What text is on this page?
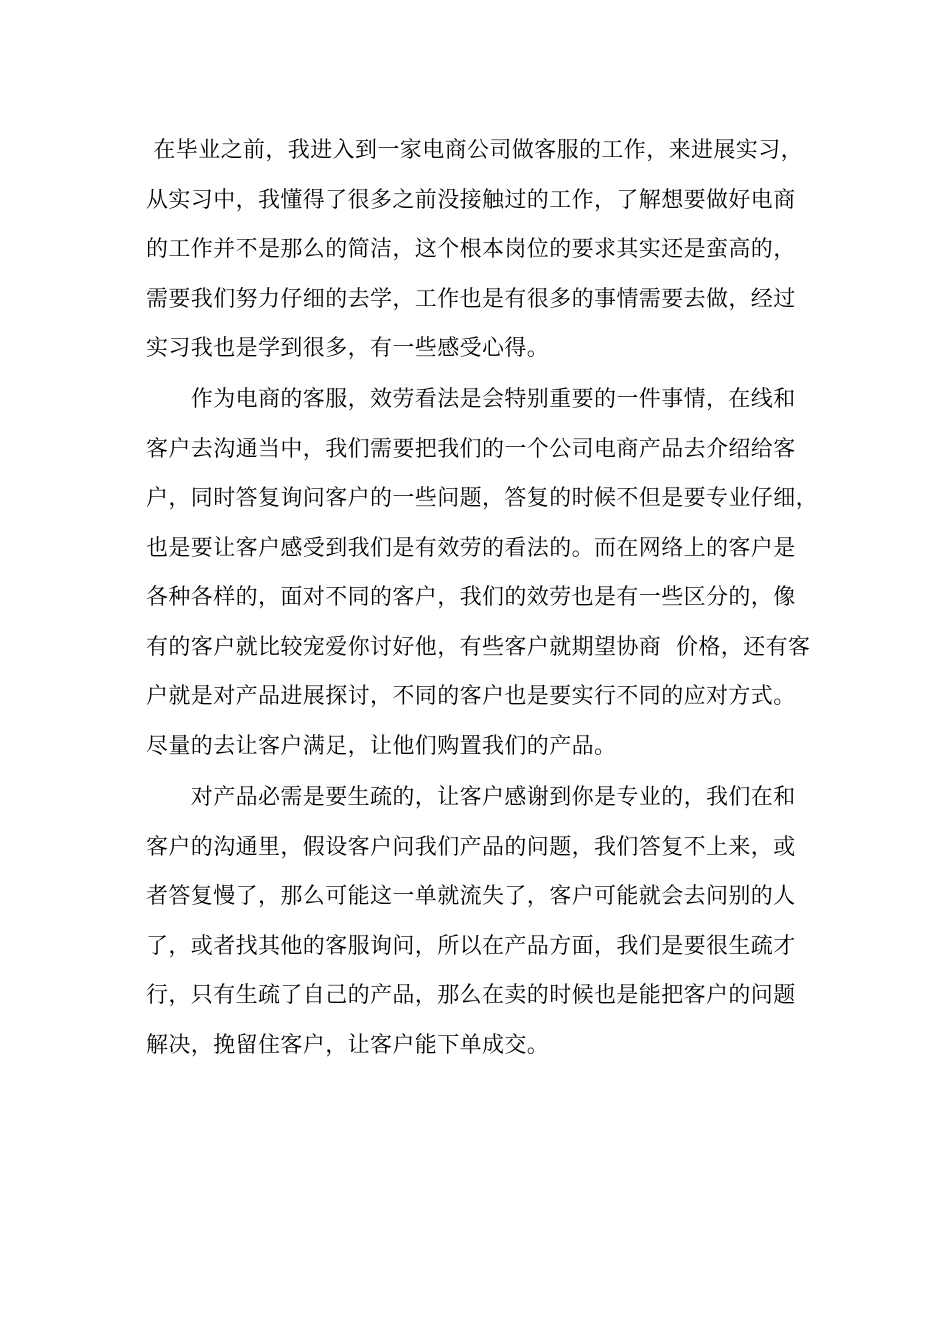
在毕业之前，我进入到一家电商公司做客服的工作，来进展实习，
从实习中，我懂得了很多之前没接触过的工作，了解想要做好电商
的工作并不是那么的简洁，这个根本岗位的要求其实还是蛮高的，
需要我们努力仔细的去学，工作也是有很多的事情需要去做，经过
实习我也是学到很多，有一些感受心得。
　　作为电商的客服，效劳看法是会特别重要的一件事情，在线和
客户去沟通当中，我们需要把我们的一个公司电商产品去介绍给客
户，同时答复询问客户的一些问题，答复的时候不但是要专业仔细，
也是要让客户感受到我们是有效劳的看法的。而在网络上的客户是
各种各样的，面对不同的客户，我们的效劳也是有一些区分的，像
有的客户就比较宠爱你讨好他，有些客户就期望协商  价格，还有客
户就是对产品进展探讨，不同的客户也是要实行不同的应对方式。
尽量的去让客户满足，让他们购置我们的产品。
　　对产品必需是要生疏的，让客户感谢到你是专业的，我们在和
客户的沟通里，假设客户问我们产品的问题，我们答复不上来，或
者答复慢了，那么可能这一单就流失了，客户可能就会去问别的人
了，或者找其他的客服询问，所以在产品方面，我们是要很生疏才
行，只有生疏了自己的产品，那么在卖的时候也是能把客户的问题
解决，挽留住客户，让客户能下单成交。
